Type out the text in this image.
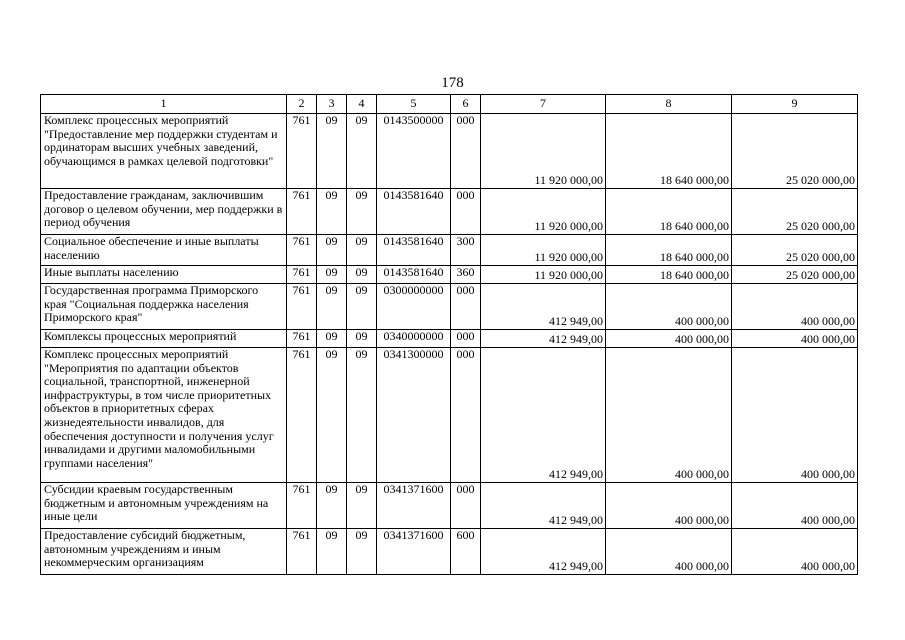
178
1	2	3	4	5	6	7	8	9
Комплекс процессных мероприятий "Предоставление мер поддержки студентам и ординаторам высших учебных заведений, обучающимся в рамках целевой подготовки"	761	09	09	0143500000	000	11 920 000,00	18 640 000,00	25 020 000,00
Предоставление гражданам, заключившим договор о целевом обучении, мер поддержки в период обучения	761	09	09	0143581640	000	11 920 000,00	18 640 000,00	25 020 000,00
Социальное обеспечение и иные выплаты населению	761	09	09	0143581640	300	11 920 000,00	18 640 000,00	25 020 000,00
Иные выплаты населению	761	09	09	0143581640	360	11 920 000,00	18 640 000,00	25 020 000,00
Государственная программа Приморского края "Социальная поддержка населения Приморского края"	761	09	09	0300000000	000	412 949,00	400 000,00	400 000,00
Комплексы процессных мероприятий	761	09	09	0340000000	000	412 949,00	400 000,00	400 000,00
Комплекс процессных мероприятий "Мероприятия по адаптации объектов социальной, транспортной, инженерной инфраструктуры, в том числе приоритетных объектов в приоритетных сферах жизнедеятельности инвалидов, для обеспечения доступности и получения услуг инвалидами и другими маломобильными группами населения"	761	09	09	0341300000	000	412 949,00	400 000,00	400 000,00
Субсидии краевым государственным бюджетным и автономным учреждениям на иные цели	761	09	09	0341371600	000	412 949,00	400 000,00	400 000,00
Предоставление субсидий бюджетным, автономным учреждениям и иным некоммерческим организациям	761	09	09	0341371600	600	412 949,00	400 000,00	400 000,00
